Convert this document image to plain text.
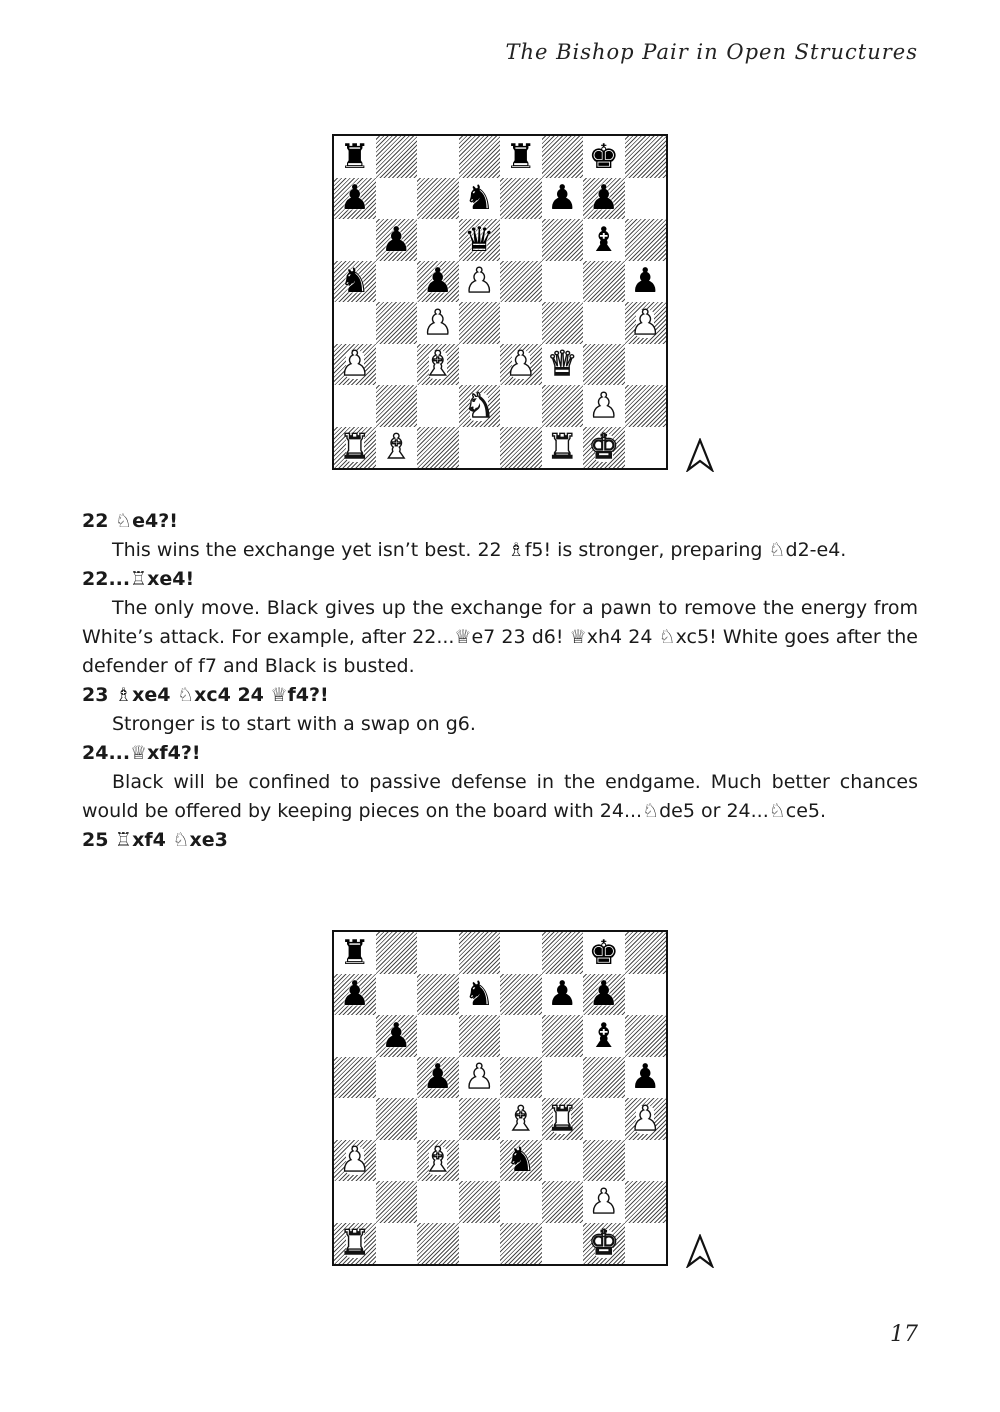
The Bishop Pair in Open Structures
♜	♜ ♚
♟	♞ ♟ ♟
♟ ♛	♝
♞ ♟ ♟	♟
♟	♟
♟ ♝ ♟ ♛
♞	♟
♜ ♝	♜ ♚

22 ♘e4?!

This wins the exchange yet isn’t best. 22 ♗f5! is stronger, preparing ♘d2-e4.

22...♖xe4!

The only move. Black gives up the exchange for a pawn to remove the energy from White’s attack. For example, after 22...♕e7 23 d6! ♕xh4 24 ♘xc5! White goes after the defender of f7 and Black is busted.

23 ♗xe4 ♘xc4 24 ♕f4?!

Stronger is to start with a swap on g6.

24...♕xf4?!

Black will be confined to passive defense in the endgame. Much better chances would be offered by keeping pieces on the board with 24...♘de5 or 24...♘ce5.

25 ♖xf4 ♘xe3

♜	♚
♟	♞ ♟ ♟
♟	♝
♟ ♟	♟
♝ ♜ ♟
♟ ♝ ♞
♟
♜	♚
17
